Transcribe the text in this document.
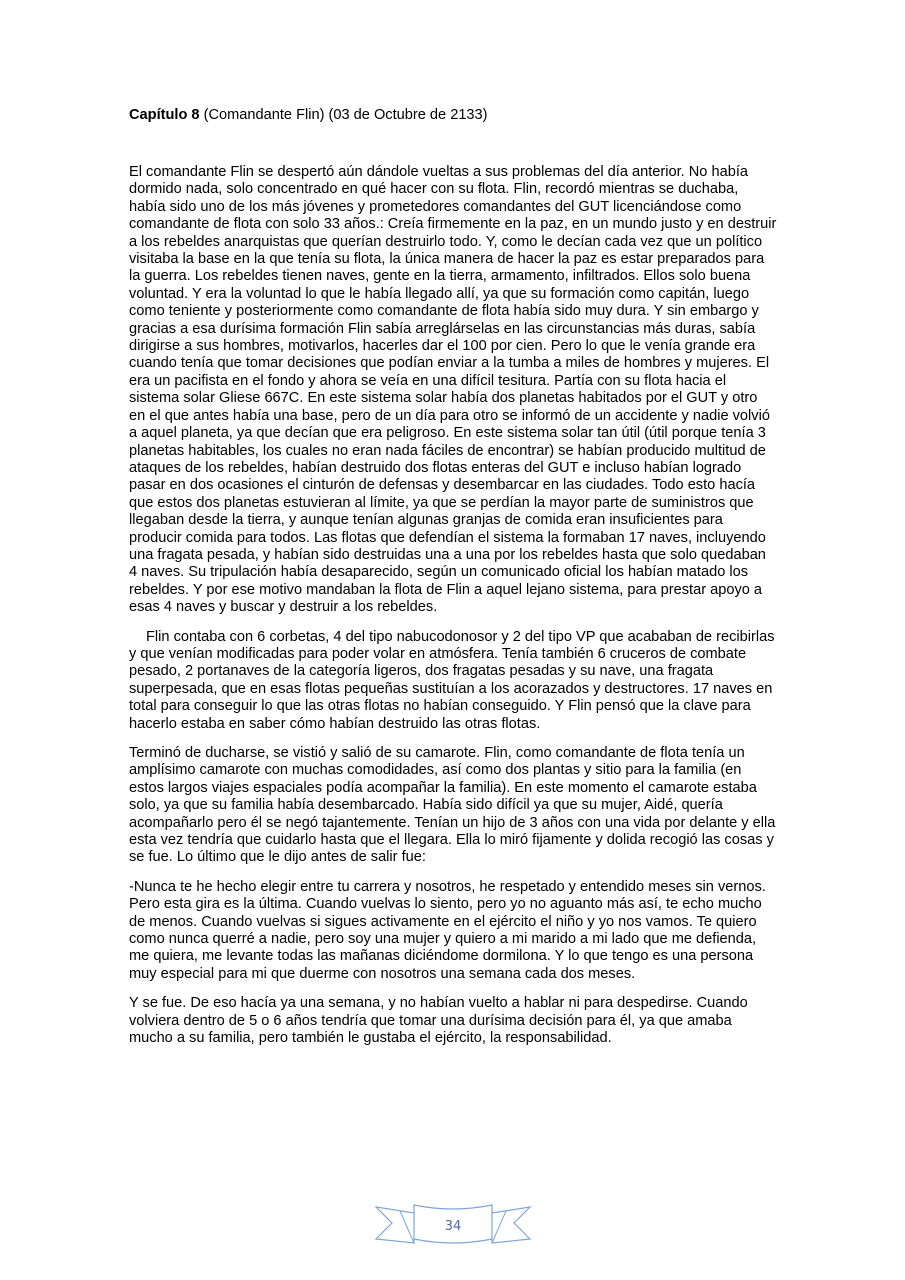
Capítulo 8 (Comandante Flin) (03 de Octubre de 2133)

El comandante Flin se despertó aún dándole vueltas a sus problemas del día anterior. No había dormido nada, solo concentrado en qué hacer con su flota. Flin, recordó mientras se duchaba, había sido uno de los más jóvenes y prometedores comandantes del GUT licenciándose como comandante de flota con solo 33 años.: Creía firmemente en la paz, en un mundo justo y en destruir a los rebeldes anarquistas que querían destruirlo todo. Y, como le decían cada vez que un político visitaba la base en la que tenía su flota, la única manera de hacer la paz es estar preparados para la guerra. Los rebeldes tienen naves, gente en la tierra, armamento, infiltrados. Ellos solo buena voluntad. Y era la voluntad lo que le había llegado allí, ya que su formación como capitán, luego como teniente y posteriormente como comandante de flota había sido muy dura. Y sin embargo y gracias a esa durísima formación Flin sabía arreglárselas en las circunstancias más duras, sabía dirigirse a sus hombres, motivarlos, hacerles dar el 100 por cien. Pero lo que le venía grande era cuando tenía que tomar decisiones que podían enviar a la tumba a miles de hombres y mujeres. El era un pacifista en el fondo y ahora se veía en una difícil tesitura. Partía con su flota hacia el sistema solar Gliese 667C. En este sistema solar había dos planetas habitados por el GUT y otro en el que antes había una base, pero de un día para otro se informó de un accidente y nadie volvió a aquel planeta, ya que decían que era peligroso. En este sistema solar tan útil (útil porque tenía 3 planetas habitables, los cuales no eran nada fáciles de encontrar) se habían producido multitud de ataques de los rebeldes, habían destruido dos flotas enteras del GUT e incluso habían logrado pasar en dos ocasiones el cinturón de defensas y desembarcar en las ciudades. Todo esto hacía que estos dos planetas estuvieran al límite, ya que se perdían la mayor parte de suministros que llegaban desde la tierra, y aunque tenían algunas granjas de comida eran insuficientes para producir comida para todos. Las flotas que defendían el sistema la formaban 17 naves, incluyendo una fragata pesada, y habían sido destruidas una a una por los rebeldes hasta que solo quedaban 4 naves. Su tripulación había desaparecido, según un comunicado oficial los habían matado los rebeldes. Y por ese motivo mandaban la flota de Flin a aquel lejano sistema, para prestar apoyo a esas 4 naves y buscar y destruir a los rebeldes.

Flin contaba con 6 corbetas, 4 del tipo nabucodonosor y 2 del tipo VP que acababan de recibirlas y que venían modificadas para poder volar en atmósfera. Tenía también 6 cruceros de combate pesado, 2 portanaves de la categoría ligeros, dos fragatas pesadas y su nave, una fragata superpesada, que en esas flotas pequeñas sustituían a los acorazados y destructores. 17 naves en total para conseguir lo que las otras flotas no habían conseguido. Y Flin pensó que la clave para hacerlo estaba en saber cómo habían destruido las otras flotas.

Terminó de ducharse, se vistió y salió de su camarote. Flin, como comandante de flota tenía un amplísimo camarote con muchas comodidades, así como dos plantas y sitio para la familia (en estos largos viajes espaciales podía acompañar la familia). En este momento el camarote estaba solo, ya que su familia había desembarcado. Había sido difícil ya que su mujer, Aidé, quería acompañarlo pero él se negó tajantemente. Tenían un hijo de 3 años con una vida por delante y ella esta vez tendría que cuidarlo hasta que el llegara. Ella lo miró fijamente y dolida recogió las cosas y se fue. Lo último que le dijo antes de salir fue:

-Nunca te he hecho elegir entre tu carrera y nosotros, he respetado y entendido meses sin vernos. Pero esta gira es la última. Cuando vuelvas lo siento, pero yo no aguanto más así, te echo mucho de menos. Cuando vuelvas si sigues activamente en el ejército el niño y yo nos vamos. Te quiero como nunca querré a nadie, pero soy una mujer y quiero a mi marido a mi lado que me defienda, me quiera, me levante todas las mañanas diciéndome dormilona. Y lo que tengo es una persona muy especial para mi que duerme con nosotros una semana cada dos meses.

Y se fue. De eso hacía ya una semana, y no habían vuelto a hablar ni para despedirse. Cuando volviera dentro de 5 o 6 años tendría que tomar una durísima decisión para él, ya que amaba mucho a su familia, pero también le gustaba el ejército, la responsabilidad.

34
